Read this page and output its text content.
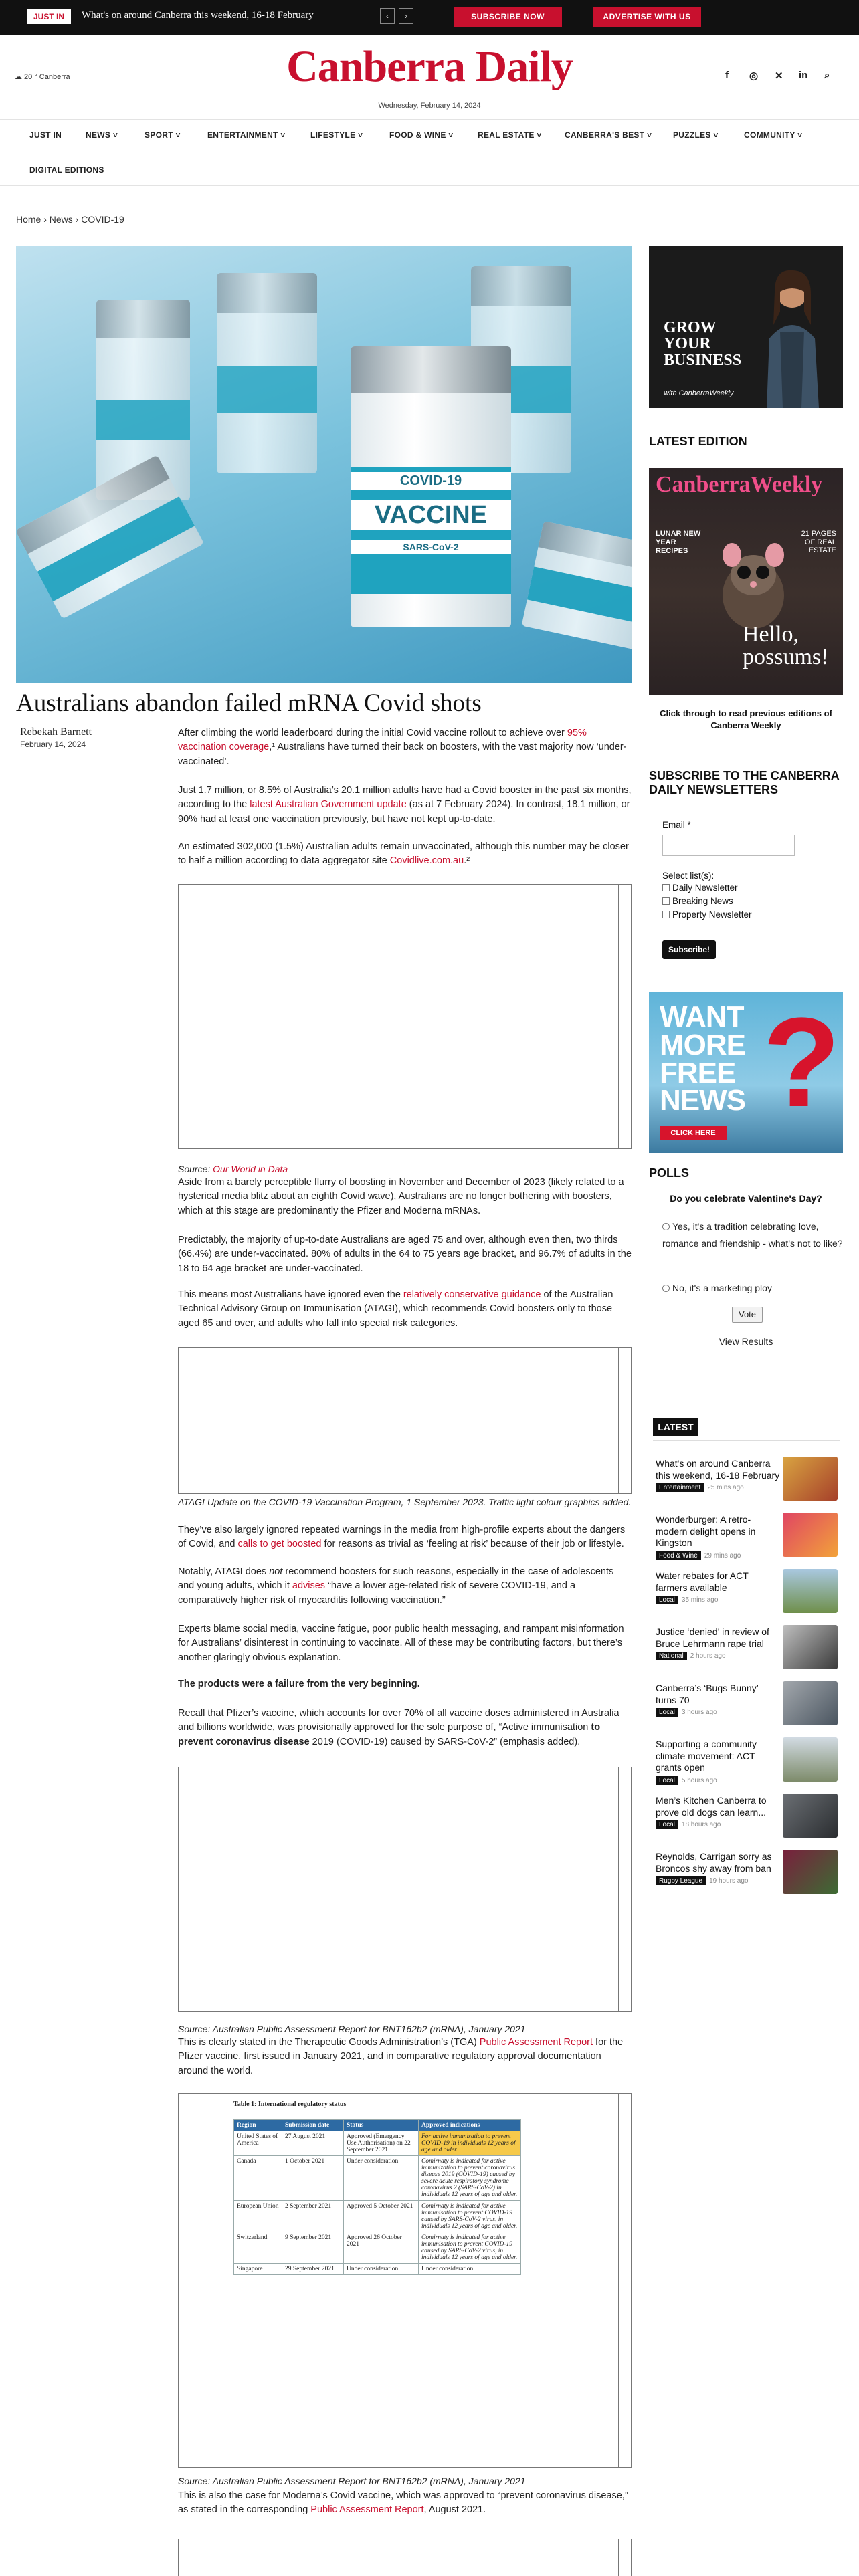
JUST IN	What's on around Canberra this weekend, 16-18 February	‹	›	SUBSCRIBE NOW	ADVERTISE WITH US
☁ 20 ° Canberra	Canberra Daily
Wednesday, February 14, 2024
f ◎ ✕ in ⌕
JUST IN	NEWS ˅	SPORT ˅	ENTERTAINMENT ˅	LIFESTYLE ˅	FOOD & WINE ˅	REAL ESTATE ˅	CANBERRA'S BEST ˅	PUZZLES ˅	COMMUNITY ˅
DIGITAL EDITIONS
Home › News › COVID-19
COVID-19
VACCINE
SARS-CoV-2
Australians abandon failed mRNA Covid shots
Rebekah Barnett
February 14, 2024
After climbing the world leaderboard during the initial Covid vaccine rollout to achieve over 95% vaccination coverage,¹ Australians have turned their back on boosters, with the vast majority now ‘under-vaccinated’.
Just 1.7 million, or 8.5% of Australia’s 20.1 million adults have had a Covid booster in the past six months, according to the latest Australian Government update (as at 7 February 2024). In contrast, 18.1 million, or 90% had at least one vaccination previously, but have not kept up-to-date.
An estimated 302,000 (1.5%) Australian adults remain unvaccinated, although this number may be closer to half a million according to data aggregator site Covidlive.com.au.²
Source: Our World in Data
Aside from a barely perceptible flurry of boosting in November and December of 2023 (likely related to a hysterical media blitz about an eighth Covid wave), Australians are no longer bothering with boosters, which at this stage are predominantly the Pfizer and Moderna mRNAs.
Predictably, the majority of up-to-date Australians are aged 75 and over, although even then, two thirds (66.4%) are under-vaccinated. 80% of adults in the 64 to 75 years age bracket, and 96.7% of adults in the 18 to 64 age bracket are under-vaccinated.
This means most Australians have ignored even the relatively conservative guidance of the Australian Technical Advisory Group on Immunisation (ATAGI), which recommends Covid boosters only to those aged 65 and over, and adults who fall into special risk categories.
ATAGI Update on the COVID-19 Vaccination Program, 1 September 2023. Traffic light colour graphics added.
They’ve also largely ignored repeated warnings in the media from high-profile experts about the dangers of Covid, and calls to get boosted for reasons as trivial as ‘feeling at risk’ because of their job or lifestyle.
Notably, ATAGI does not recommend boosters for such reasons, especially in the case of adolescents and young adults, which it advises “have a lower age-related risk of severe COVID-19, and a comparatively higher risk of myocarditis following vaccination.”
Experts blame social media, vaccine fatigue, poor public health messaging, and rampant misinformation for Australians’ disinterest in continuing to vaccinate. All of these may be contributing factors, but there’s another glaringly obvious explanation.
The products were a failure from the very beginning.
Recall that Pfizer’s vaccine, which accounts for over 70% of all vaccine doses administered in Australia and billions worldwide, was provisionally approved for the sole purpose of, “Active immunisation to prevent coronavirus disease 2019 (COVID-19) caused by SARS-CoV-2” (emphasis added).
Source: Australian Public Assessment Report for BNT162b2 (mRNA), January 2021
This is clearly stated in the Therapeutic Goods Administration’s (TGA) Public Assessment Report for the Pfizer vaccine, first issued in January 2021, and in comparative regulatory approval documentation around the world.
Table 1: International regulatory status
Region	Submission date	Status	Approved indications
United States of America	27 August 2021	Approved (Emergency Use Authorisation) on 22 September 2021	For active immunisation to prevent COVID-19 in individuals 12 years of age and older.
Canada	1 October 2021	Under consideration	Comirnaty is indicated for active immunization to prevent coronavirus disease 2019 (COVID-19) caused by severe acute respiratory syndrome coronavirus 2 (SARS-CoV-2) in individuals 12 years of age and older.
European Union	2 September 2021	Approved 5 October 2021	Comirnaty is indicated for active immunisation to prevent COVID-19 caused by SARS-CoV-2 virus, in individuals 12 years of age and older.
Switzerland	9 September 2021	Approved 26 October 2021	Comirnaty is indicated for active immunisation to prevent COVID-19 caused by SARS-CoV-2 virus, in individuals 12 years of age and older.
Singapore	29 September 2021	Under consideration	Under consideration
Source: Australian Public Assessment Report for BNT162b2 (mRNA), January 2021
This is also the case for Moderna’s Covid vaccine, which was approved to “prevent coronavirus disease,” as stated in the corresponding Public Assessment Report, August 2021.
GROW
YOUR
BUSINESS
with CanberraWeekly
LATEST EDITION
CanberraWeekly
LUNAR NEW YEAR RECIPES
21 PAGES OF REAL ESTATE
Hello, possums!
Click through to read previous editions of Canberra Weekly
SUBSCRIBE TO THE CANBERRA DAILY NEWSLETTERS
Email *
Select list(s):
Daily Newsletter
Breaking News
Property Newsletter
Subscribe!
?
WANT MORE FREE NEWS
CLICK HERE
POLLS
Do you celebrate Valentine's Day?
Yes, it's a tradition celebrating love, romance and friendship - what's not to like?
No, it's a marketing ploy
Vote
View Results
LATEST
What's on around Canberra this weekend, 16-18 February
Entertainment 25 mins ago
Wonderburger: A retro-modern delight opens in Kingston
Food & Wine 29 mins ago
Water rebates for ACT farmers available
Local 35 mins ago
Justice ‘denied’ in review of Bruce Lehrmann rape trial
National 2 hours ago
Canberra’s ‘Bugs Bunny’ turns 70
Local 3 hours ago
Supporting a community climate movement: ACT grants open
Local 5 hours ago
Men’s Kitchen Canberra to prove old dogs can learn...
Local 18 hours ago
Reynolds, Carrigan sorry as Broncos shy away from ban
Rugby League 19 hours ago
